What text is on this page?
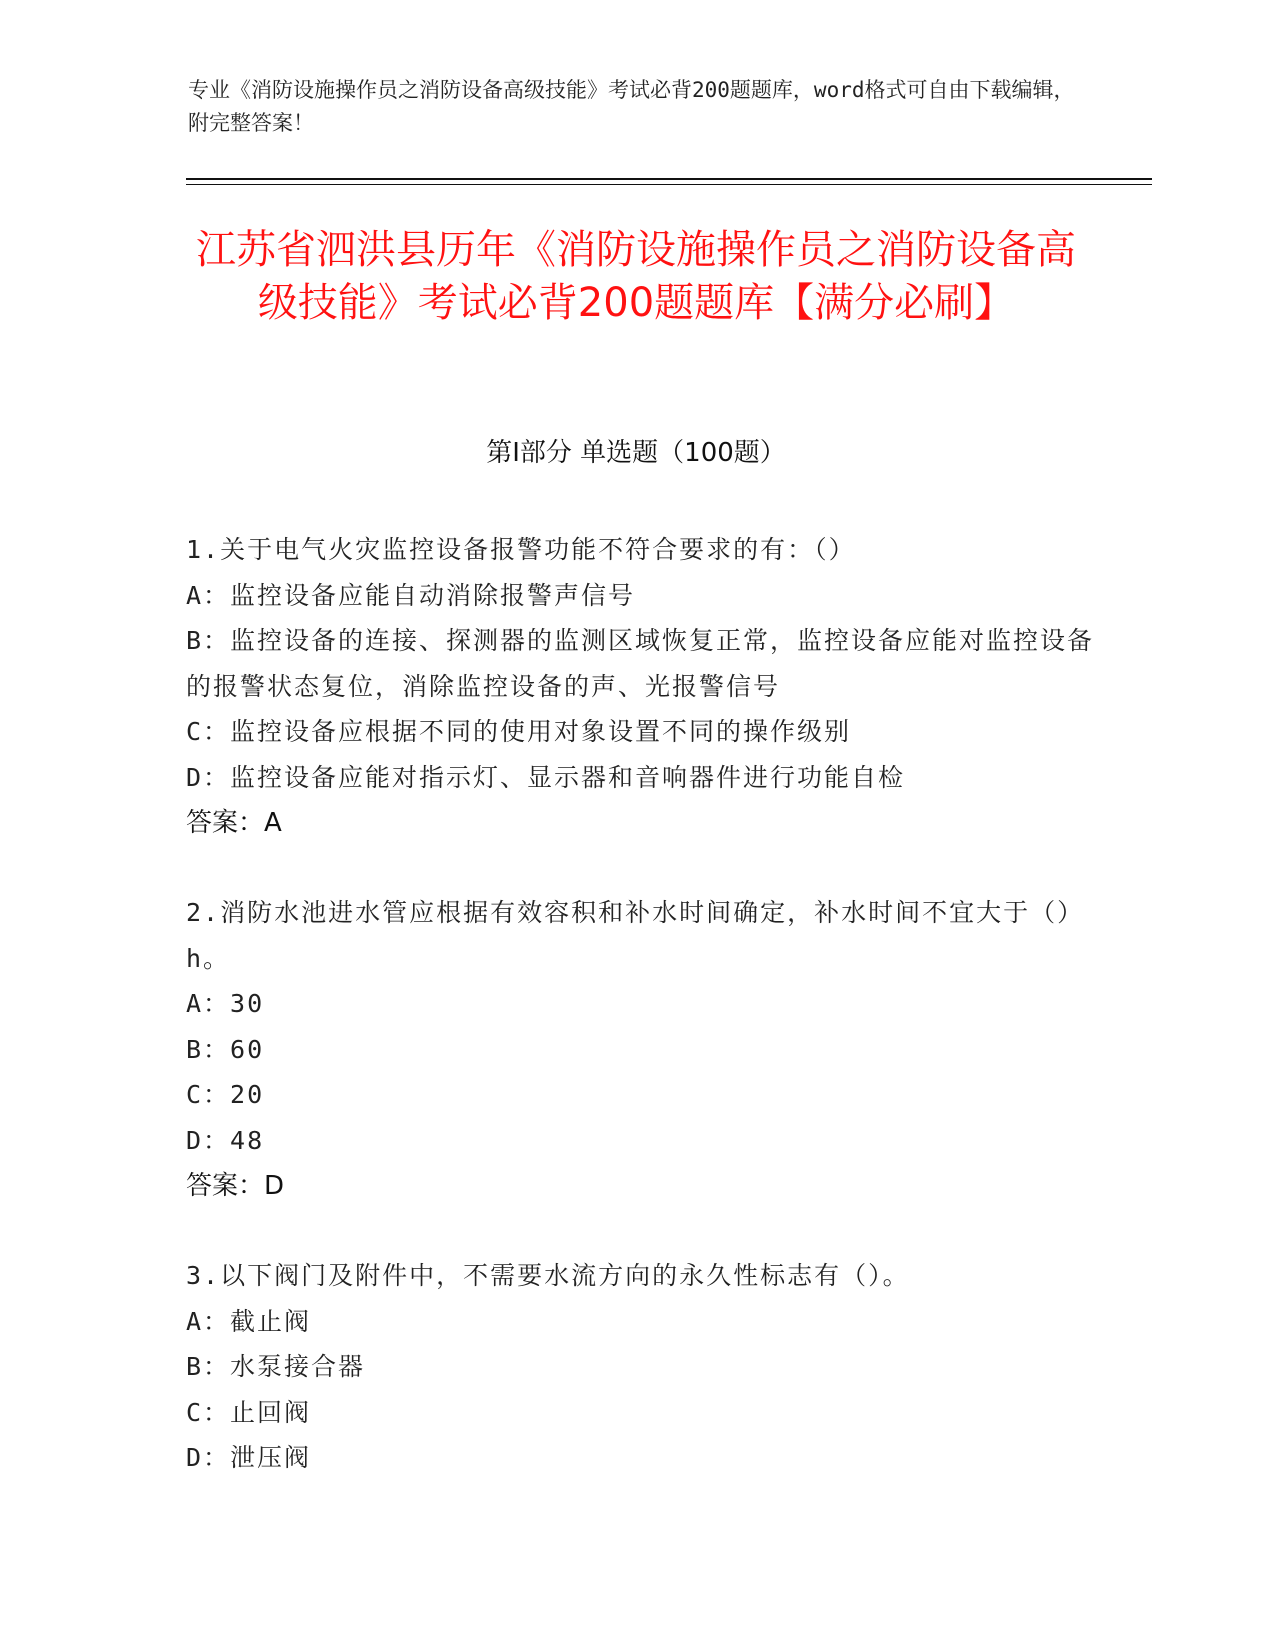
专业《消防设施操作员之消防设备高级技能》考试必背200题题库，word格式可自由下载编辑，附完整答案！
江苏省泗洪县历年《消防设施操作员之消防设备高级技能》考试必背200题题库【满分必刷】
第Ⅰ部分 单选题（100题）
1.关于电气火灾监控设备报警功能不符合要求的有：（）
A：监控设备应能自动消除报警声信号
B：监控设备的连接、探测器的监测区域恢复正常，监控设备应能对监控设备的报警状态复位，消除监控设备的声、光报警信号
C：监控设备应根据不同的使用对象设置不同的操作级别
D：监控设备应能对指示灯、显示器和音响器件进行功能自检
答案：A
2.消防水池进水管应根据有效容积和补水时间确定，补水时间不宜大于（）h。
A：30
B：60
C：20
D：48
答案：D
3.以下阀门及附件中，不需要水流方向的永久性标志有（）。
A：截止阀
B：水泵接合器
C：止回阀
D：泄压阀
